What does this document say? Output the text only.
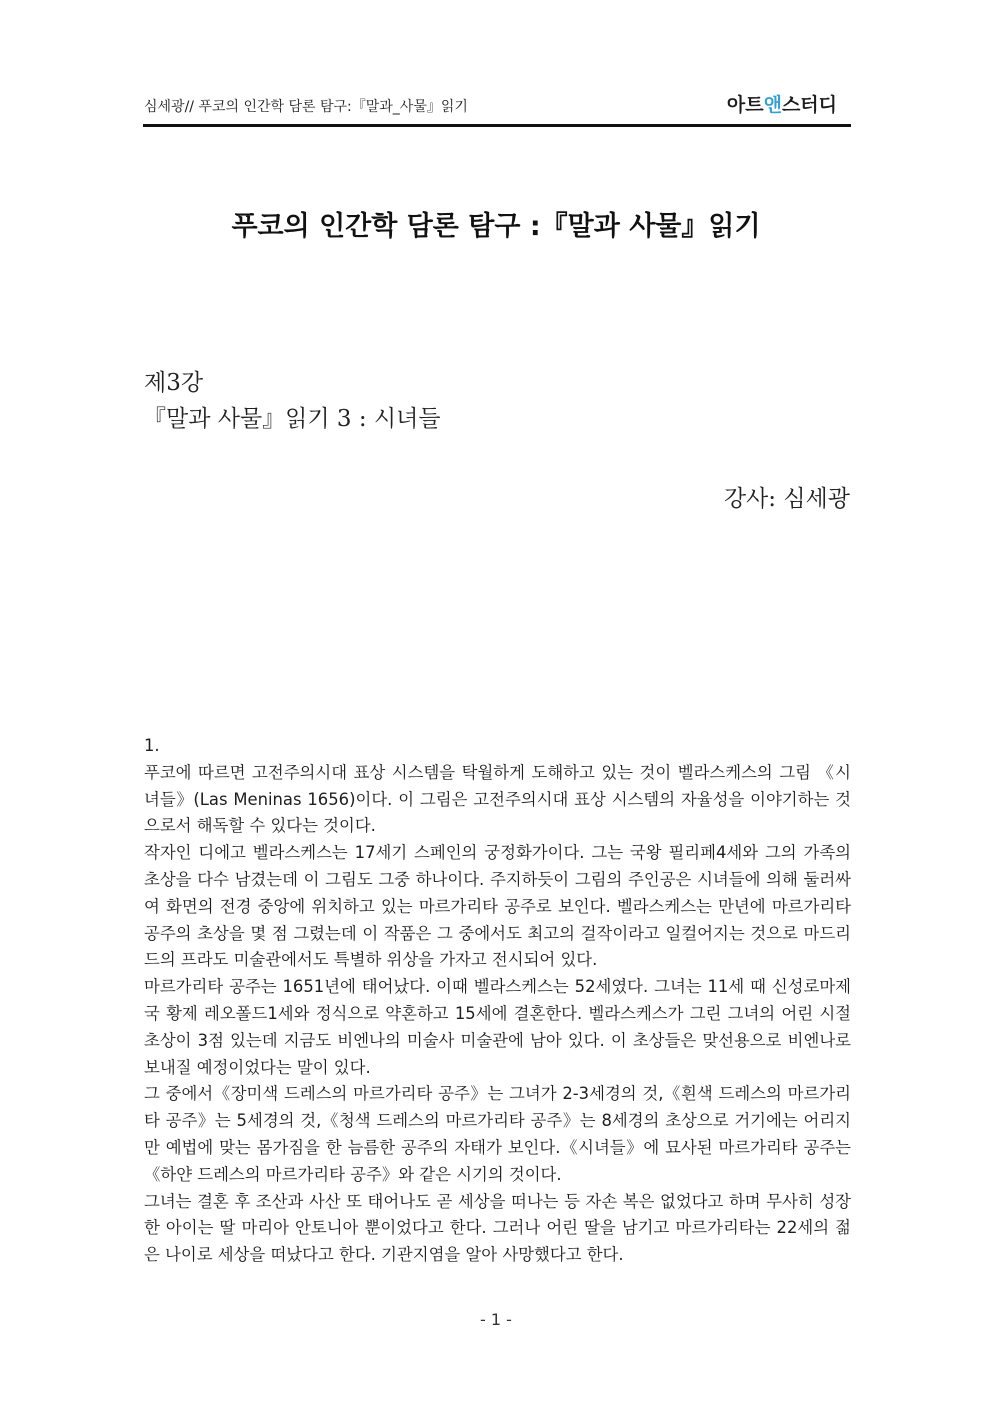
심세광// 푸코의 인간학 담론 탐구:『말과_사물』읽기	아트앤스터디
푸코의 인간학 담론 탐구 :『말과 사물』읽기
제3강
『말과 사물』읽기 3 : 시녀들
강사: 심세광

1.

푸코에 따르면 고전주의시대 표상 시스템을 탁월하게 도해하고 있는 것이 벨라스케스의 그림 《시녀들》(Las Meninas 1656)이다. 이 그림은 고전주의시대 표상 시스템의 자율성을 이야기하는 것으로서 해독할 수 있다는 것이다.

작자인 디에고 벨라스케스는 17세기 스페인의 궁정화가이다. 그는 국왕 필리페4세와 그의 가족의 초상을 다수 남겼는데 이 그림도 그중 하나이다. 주지하듯이 그림의 주인공은 시녀들에 의해 둘러싸여 화면의 전경 중앙에 위치하고 있는 마르가리타 공주로 보인다. 벨라스케스는 만년에 마르가리타 공주의 초상을 몇 점 그렸는데 이 작품은 그 중에서도 최고의 걸작이라고 일컬어지는 것으로 마드리드의 프라도 미술관에서도 특별하 위상을 가자고 전시되어 있다.

마르가리타 공주는 1651년에 태어났다. 이때 벨라스케스는 52세였다. 그녀는 11세 때 신성로마제국 황제 레오폴드1세와 정식으로 약혼하고 15세에 결혼한다. 벨라스케스가 그린 그녀의 어린 시절 초상이 3점 있는데 지금도 비엔나의 미술사 미술관에 남아 있다. 이 초상들은 맞선용으로 비엔나로 보내질 예정이었다는 말이 있다.

그 중에서《장미색 드레스의 마르가리타 공주》는 그녀가 2-3세경의 것,《흰색 드레스의 마르가리타 공주》는 5세경의 것,《청색 드레스의 마르가리타 공주》는 8세경의 초상으로 거기에는 어리지만 예법에 맞는 몸가짐을 한 늠름한 공주의 자태가 보인다.《시녀들》에 묘사된 마르가리타 공주는《하얀 드레스의 마르가리타 공주》와 같은 시기의 것이다.

그녀는 결혼 후 조산과 사산 또 태어나도 곧 세상을 떠나는 등 자손 복은 없었다고 하며 무사히 성장한 아이는 딸 마리아 안토니아 뿐이었다고 한다. 그러나 어린 딸을 남기고 마르가리타는 22세의 젊은 나이로 세상을 떠났다고 한다. 기관지염을 알아 사망했다고 한다.

- 1 -
